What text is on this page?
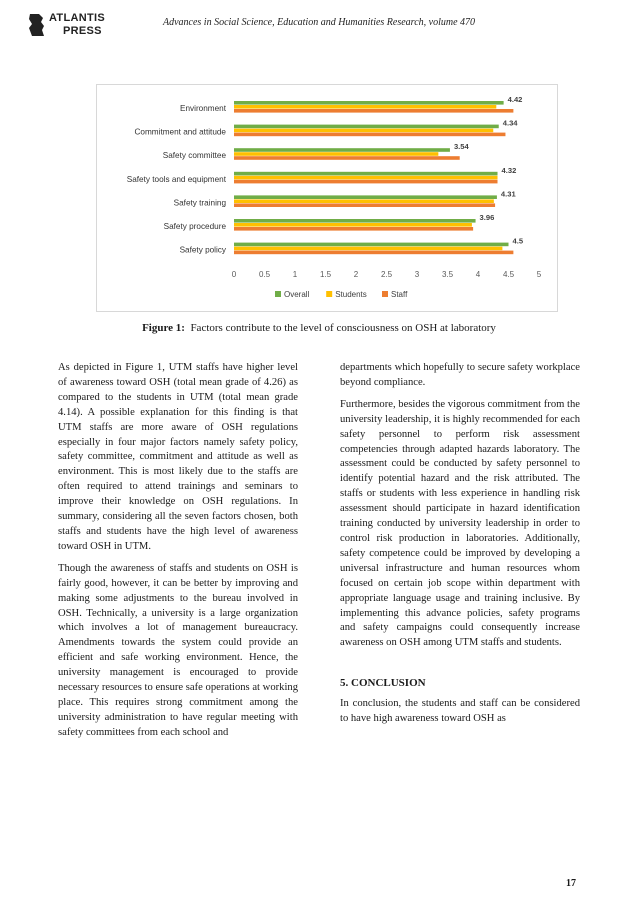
ATLANTIS
PRESS
Advances in Social Science, Education and Humanities Research, volume 470
Environment
4.42
Commitment and attitude
4.34
Safety committee
3.54
Safety tools and equipment
4.32
Safety training
4.31
Safety procedure
3.96
Safety policy
4.5
0	0.5	1	1.5	2	2.5	3	3.5	4	4.5	5
Overall	Students	Staff
Figure 1: Factors contribute to the level of consciousness on OSH at laboratory

As depicted in Figure 1, UTM staffs have higher level of awareness toward OSH (total mean grade of 4.26) as compared to the students in UTM (total mean grade 4.14). A possible explanation for this finding is that UTM staffs are more aware of OSH regulations especially in four major factors namely safety policy, safety committee, commitment and attitude as well as environment. This is most likely due to the staffs are often required to attend trainings and seminars to improve their knowledge on OSH regulations. In summary, considering all the seven factors chosen, both staffs and students have the high level of awareness toward OSH in UTM.

Though the awareness of staffs and students on OSH is fairly good, however, it can be better by improving and making some adjustments to the bureau involved in OSH. Technically, a university is a large organization which involves a lot of management bureaucracy. Amendments towards the system could provide an efficient and safe working environment. Hence, the university management is encouraged to provide necessary resources to ensure safe operations at working place. This requires strong commitment among the university administration to have regular meeting with safety committees from each school and

departments which hopefully to secure safety workplace beyond compliance.

Furthermore, besides the vigorous commitment from the university leadership, it is highly recommended for each safety personnel to perform risk assessment competencies through adapted hazards laboratory. The assessment could be conducted by safety personnel to identify potential hazard and the risk attributed. The staffs or students with less experience in handling risk assessment should participate in hazard identification training conducted by university leadership in order to control risk production in laboratories. Additionally, safety competence could be improved by developing a universal infrastructure and human resources whom focused on certain job scope within department with appropriate language usage and training inclusive. By implementing this advance policies, safety programs and safety campaigns could consequently increase awareness on OSH among UTM staffs and students.

5. CONCLUSION

In conclusion, the students and staff can be considered to have high awareness toward OSH as

17
